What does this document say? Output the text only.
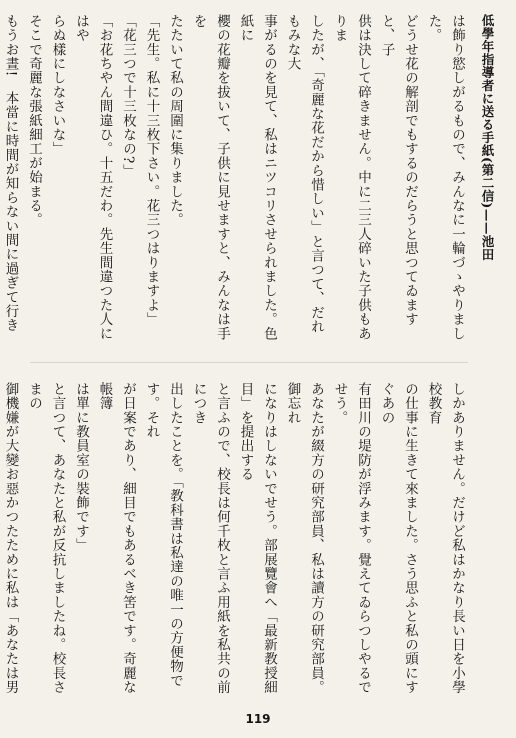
低學年指導者に送る手紙(第二信)——池田
は飾り慾しがるもので、みんなに一輪づゝやりました。
どうせ花の解剖でもするのだらうと思つてゐますと、子
供は決して碎きません。中に二三人碎いた子供もありま
したが、「奇麗な花だから惜しい」と言つて、だれもみな大
事がるのを見て、私はニツコリさせられました。色紙に
櫻の花瓣を拔いて、子供に見せますと、みんなは手を
たたいて私の周圍に集りました。
「先生。私に十三枚下さい。花三つはりますよ」
「花三つで十三枚なの?」
「お花ちやん間違ひ。十五だわ。先生間違つた人にはや
らぬ樣にしなさいな」
そこで奇麗な張紙細工が始まる。
もうお晝!　本當に時間が知らない間に過ぎて行き
しかありません。だけど私はかなり長い日を小學校教育
の仕事に生きて來ました。さう思ふと私の頭にすぐあの
有田川の堤防が浮みます。覺えてゐらつしやるでせう。
あなたが綴方の研究部員、私は讀方の研究部員。御忘れ
になりはしないでせう。部展覽會へ「最新教授細目」を提出する
と言ふので、校長は何千枚と言ふ用紙を私共の前につき
出したことを。「教科書は私達の唯一の方便物です。それ
が日案であり、細目でもあるべき筈です。奇麗な帳簿
は單に教員室の裝飾です」
と言つて、あなたと私が反抗しましたね。校長さまの
御機嫌が大變お惡かつたために私は「あなたは男
119
